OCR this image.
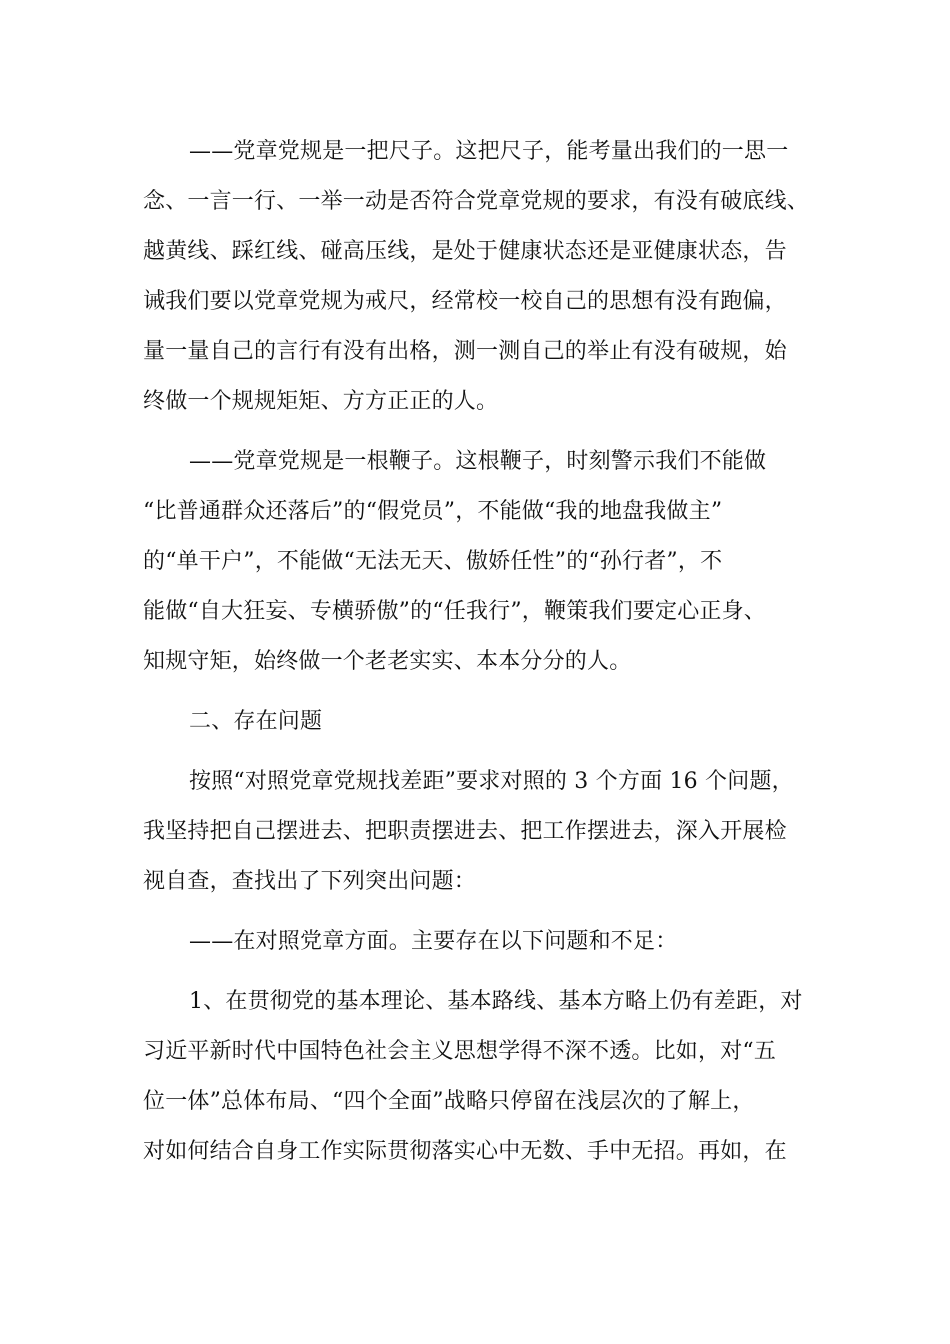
——党章党规是一把尺子。这把尺子，能考量出我们的一思一
念、一言一行、一举一动是否符合党章党规的要求，有没有破底线、
越黄线、踩红线、碰高压线，是处于健康状态还是亚健康状态，告
诫我们要以党章党规为戒尺，经常校一校自己的思想有没有跑偏，
量一量自己的言行有没有出格，测一测自己的举止有没有破规，始
终做一个规规矩矩、方方正正的人。
——党章党规是一根鞭子。这根鞭子，时刻警示我们不能做
“比普通群众还落后”的“假党员”，不能做“我的地盘我做主”
的“单干户”，不能做“无法无天、傲娇任性”的“孙行者”，不
能做“自大狂妄、专横骄傲”的“任我行”，鞭策我们要定心正身、
知规守矩，始终做一个老老实实、本本分分的人。
二、存在问题
按照“对照党章党规找差距”要求对照的 3 个方面 16 个问题，
我坚持把自己摆进去、把职责摆进去、把工作摆进去，深入开展检
视自查，查找出了下列突出问题：
——在对照党章方面。主要存在以下问题和不足：
1、在贯彻党的基本理论、基本路线、基本方略上仍有差距，对
习近平新时代中国特色社会主义思想学得不深不透。比如，对“五
位一体”总体布局、“四个全面”战略只停留在浅层次的了解上，
对如何结合自身工作实际贯彻落实心中无数、手中无招。再如，在
